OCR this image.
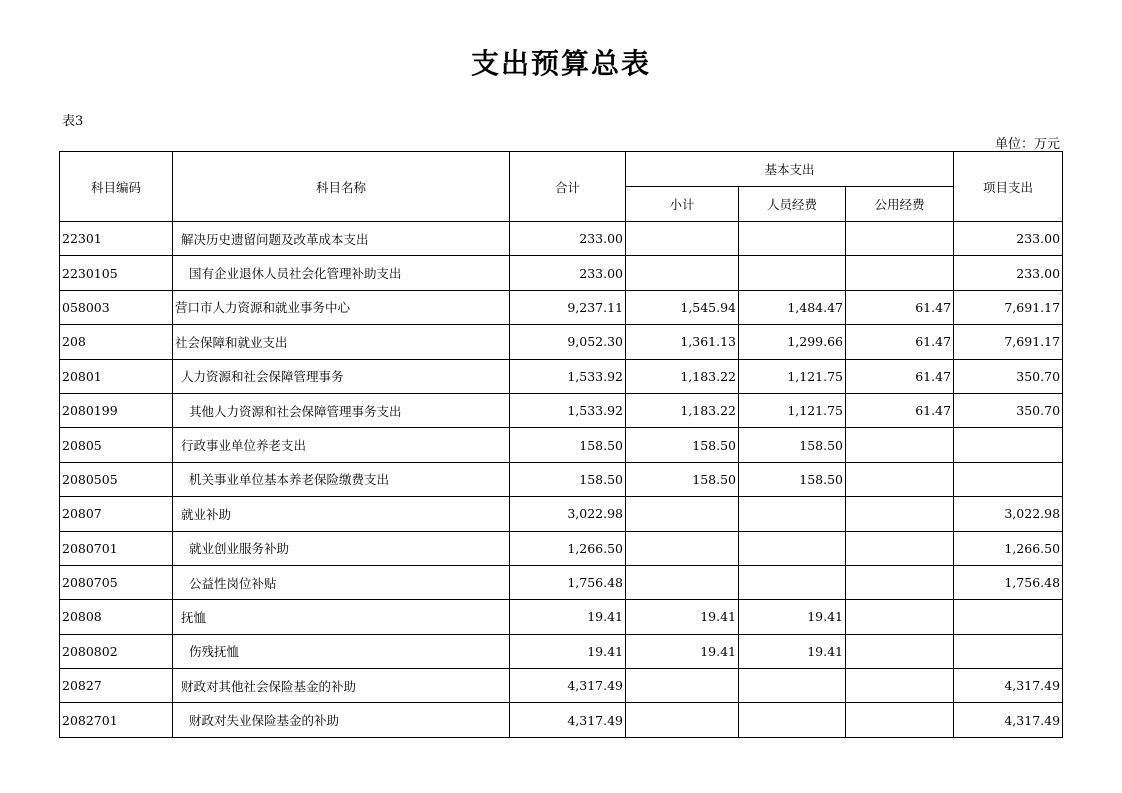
支出预算总表
表3
单位：万元
科目编码	科目名称	合计	基本支出			项目支出
			小计	人员经费	公用经费	
22301	解决历史遗留问题及改革成本支出	233.00				233.00
2230105	国有企业退休人员社会化管理补助支出	233.00				233.00
058003	营口市人力资源和就业事务中心	9,237.11	1,545.94	1,484.47	61.47	7,691.17
208	社会保障和就业支出	9,052.30	1,361.13	1,299.66	61.47	7,691.17
20801	人力资源和社会保障管理事务	1,533.92	1,183.22	1,121.75	61.47	350.70
2080199	其他人力资源和社会保障管理事务支出	1,533.92	1,183.22	1,121.75	61.47	350.70
20805	行政事业单位养老支出	158.50	158.50	158.50		
2080505	机关事业单位基本养老保险缴费支出	158.50	158.50	158.50		
20807	就业补助	3,022.98				3,022.98
2080701	就业创业服务补助	1,266.50				1,266.50
2080705	公益性岗位补贴	1,756.48				1,756.48
20808	抚恤	19.41	19.41	19.41		
2080802	伤残抚恤	19.41	19.41	19.41		
20827	财政对其他社会保险基金的补助	4,317.49				4,317.49
2082701	财政对失业保险基金的补助	4,317.49				4,317.49
